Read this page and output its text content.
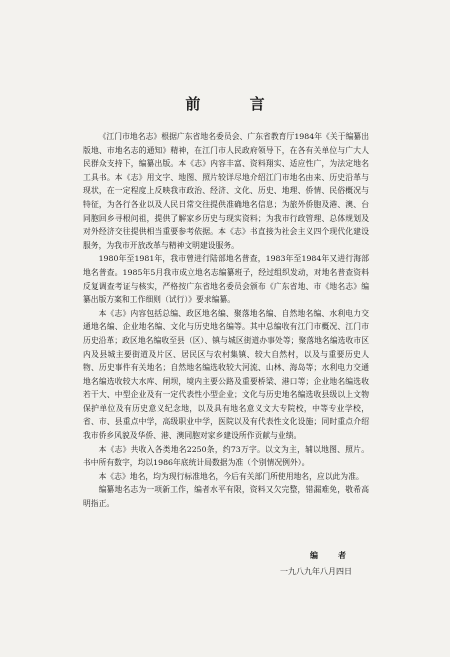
前 言

《江门市地名志》根据广东省地名委员会、广东省教育厅1984年《关于编纂出版地、市地名志的通知》精神，在江门市人民政府领导下，在各有关单位与广大人民群众支持下，编纂出版。本《志》内容丰富、资料翔实、适应性广，为法定地名工具书。本《志》用文字、地图、照片较详尽地介绍江门市地名由来、历史沿革与现状，在一定程度上反映我市政治、经济、文化、历史、地理、侨情、民俗概况与特征，为各行各业以及人民日常交往提供准确地名信息；为旅外侨胞及港、澳、台同胞回乡寻根问祖，提供了解家乡历史与现实资料；为我市行政管理、总体规划及对外经济交往提供相当重要参考依据。本《志》书直接为社会主义四个现代化建设服务，为我市开放改革与精神文明建设服务。

1980年至1981年，我市曾进行陆部地名普查，1983年至1984年又进行海部地名普查。1985年5月我市成立地名志编纂班子，经过组织发动，对地名普查资料反复调查考证与核实，严格按广东省地名委员会颁布《广东省地、市《地名志》编纂出版方案和工作细则（试行）》要求编纂。

本《志》内容包括总编、政区地名编、聚落地名编、自然地名编、水利电力交通地名编、企业地名编、文化与历史地名编等。其中总编收有江门市概况、江门市历史沿革；政区地名编收至县（区）、镇与城区街道办事处等；聚落地名编选收市区内及县城主要街道及片区、居民区与农村集镇、较大自然村，以及与重要历史人物、历史事件有关地名；自然地名编选收较大河流、山林、海岛等；水利电力交通地名编选收较大水库、闸坝，境内主要公路及重要桥梁、港口等；企业地名编选收若干大、中型企业及有一定代表性小型企业；文化与历史地名编选收县级以上文物保护单位及有历史意义纪念地，以及具有地名意义文大专院校，中等专业学校，省、市、县重点中学，高级职业中学，医院以及有代表性文化设施；同时重点介绍我市侨乡风貌及华侨、港、澳同胞对家乡建设所作贡献与业绩。

本《志》共收入各类地名2250条，约73万字。以文为主，辅以地图、照片。书中所有数字，均以1986年底统计局数据为准（个别情况例外）。

本《志》地名，均为现行标准地名，今后有关部门所使用地名，应以此为准。

编纂地名志为一项新工作，编者水平有限，资料又欠完整，错漏难免，敬希高明指正。

编　者
一九八九年八月四日
